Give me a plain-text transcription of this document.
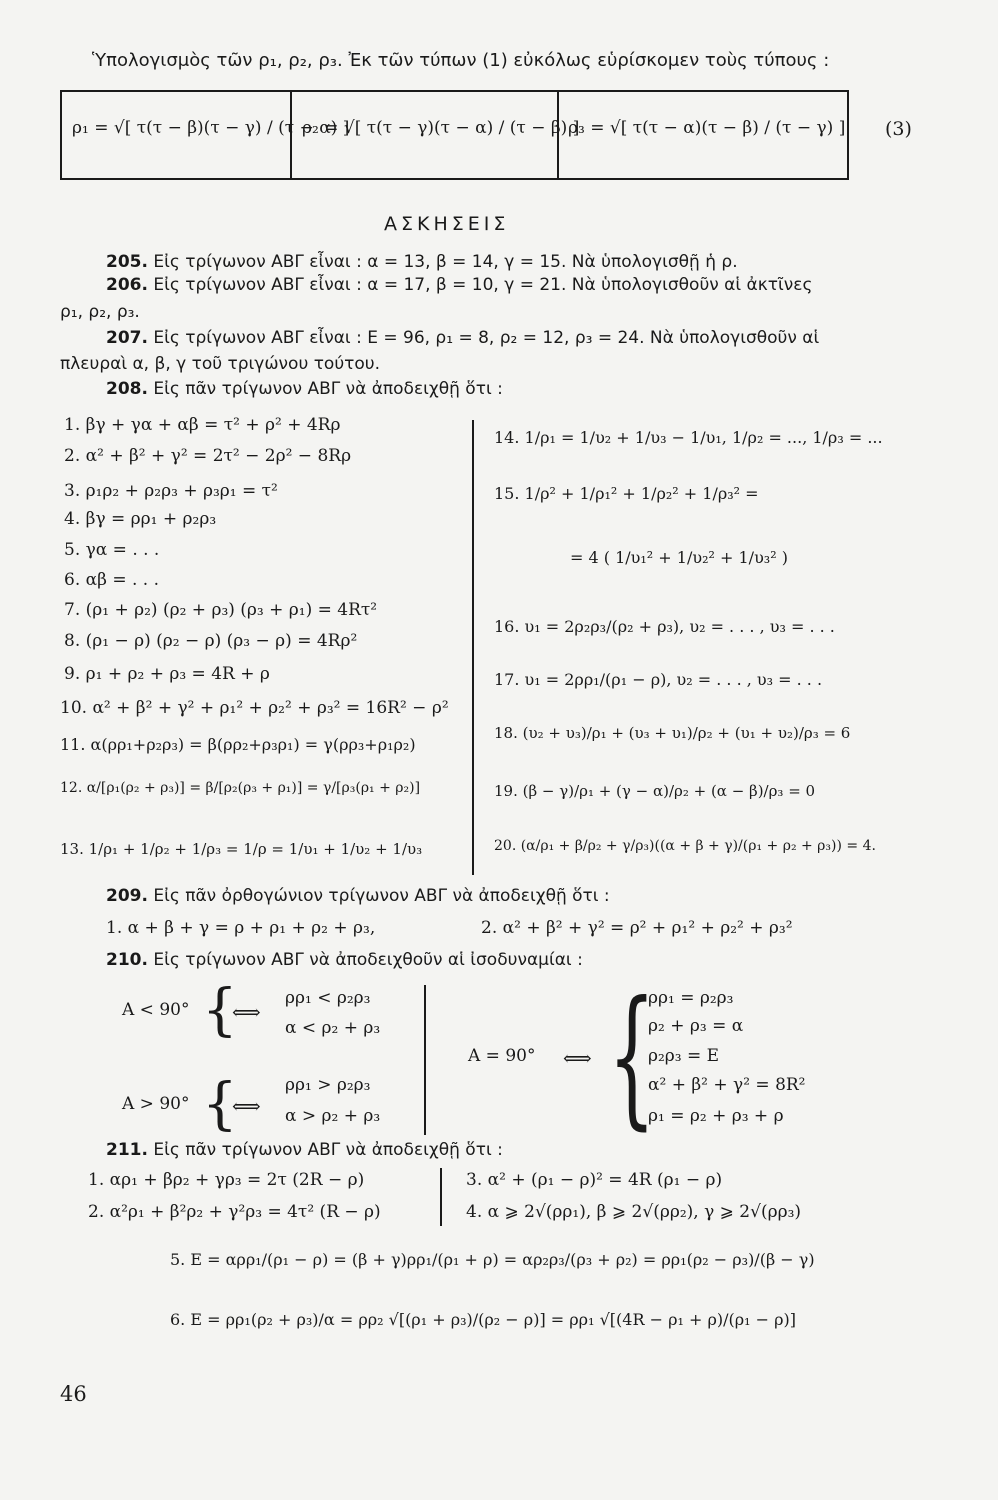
Ὑπολογισμὸς τῶν ρ₁, ρ₂, ρ₃. Ἐκ τῶν τύπων (1) εὐκόλως εὑρίσκομεν τοὺς τύπους :
ρ₁ = √[ τ(τ − β)(τ − γ) / (τ − α) ]
ρ₂ = √[ τ(τ − γ)(τ − α) / (τ − β) ]
ρ₃ = √[ τ(τ − α)(τ − β) / (τ − γ) ] (3)
ΑΣΚΗΣΕΙΣ
205. Εἰς τρίγωνον ΑΒΓ εἶναι : α = 13, β = 14, γ = 15. Νὰ ὑπολογισθῇ ἡ ρ.
206. Εἰς τρίγωνον ΑΒΓ εἶναι : α = 17, β = 10, γ = 21. Νὰ ὑπολογισθοῦν αἱ ἀκτῖνες
ρ₁, ρ₂, ρ₃.
207. Εἰς τρίγωνον ΑΒΓ εἶναι : Ε = 96, ρ₁ = 8, ρ₂ = 12, ρ₃ = 24. Νὰ ὑπολογισθοῦν αἱ
πλευραὶ α, β, γ τοῦ τριγώνου τούτου.
208. Εἰς πᾶν τρίγωνον ΑΒΓ νὰ ἀποδειχθῇ ὅτι :
1. βγ + γα + αβ = τ² + ρ² + 4Rρ
2. α² + β² + γ² = 2τ² − 2ρ² − 8Rρ
3. ρ₁ρ₂ + ρ₂ρ₃ + ρ₃ρ₁ = τ²
4. βγ = ρρ₁ + ρ₂ρ₃
5. γα = . . .
6. αβ = . . .
7. (ρ₁ + ρ₂) (ρ₂ + ρ₃) (ρ₃ + ρ₁) = 4Rτ²
8. (ρ₁ − ρ) (ρ₂ − ρ) (ρ₃ − ρ) = 4Rρ²
9. ρ₁ + ρ₂ + ρ₃ = 4R + ρ
10. α² + β² + γ² + ρ₁² + ρ₂² + ρ₃² = 16R² − ρ²
11. α(ρρ₁+ρ₂ρ₃) = β(ρρ₂+ρ₃ρ₁) = γ(ρρ₃+ρ₁ρ₂)
12. α/[ρ₁(ρ₂ + ρ₃)] = β/[ρ₂(ρ₃ + ρ₁)] = γ/[ρ₃(ρ₁ + ρ₂)]
13. 1/ρ₁ + 1/ρ₂ + 1/ρ₃ = 1/ρ = 1/υ₁ + 1/υ₂ + 1/υ₃
14. 1/ρ₁ = 1/υ₂ + 1/υ₃ − 1/υ₁, 1/ρ₂ = ..., 1/ρ₃ = ...
15. 1/ρ² + 1/ρ₁² + 1/ρ₂² + 1/ρ₃² =
= 4 ( 1/υ₁² + 1/υ₂² + 1/υ₃² )
16. υ₁ = 2ρ₂ρ₃/(ρ₂ + ρ₃), υ₂ = . . . , υ₃ = . . .
17. υ₁ = 2ρρ₁/(ρ₁ − ρ), υ₂ = . . . , υ₃ = . . .
18. (υ₂ + υ₃)/ρ₁ + (υ₃ + υ₁)/ρ₂ + (υ₁ + υ₂)/ρ₃ = 6
19. (β − γ)/ρ₁ + (γ − α)/ρ₂ + (α − β)/ρ₃ = 0
20. (α/ρ₁ + β/ρ₂ + γ/ρ₃)((α + β + γ)/(ρ₁ + ρ₂ + ρ₃)) = 4.
209. Εἰς πᾶν ὀρθογώνιον τρίγωνον ΑΒΓ νὰ ἀποδειχθῇ ὅτι :
1. α + β + γ = ρ + ρ₁ + ρ₂ + ρ₃,	2. α² + β² + γ² = ρ² + ρ₁² + ρ₂² + ρ₃²
210. Εἰς τρίγωνον ΑΒΓ νὰ ἀποδειχθοῦν αἱ ἰσοδυναμίαι :
Α < 90° {
⟺
ρρ₁ < ρ₂ρ₃
α < ρ₂ + ρ₃
Α > 90° {
⟺
ρρ₁ > ρ₂ρ₃
α > ρ₂ + ρ₃
Α = 90° ⟺ {
ρρ₁ = ρ₂ρ₃
ρ₂ + ρ₃ = α
ρ₂ρ₃ = Ε
α² + β² + γ² = 8R²
ρ₁ = ρ₂ + ρ₃ + ρ
211. Εἰς πᾶν τρίγωνον ΑΒΓ νὰ ἀποδειχθῇ ὅτι :
1. αρ₁ + βρ₂ + γρ₃ = 2τ (2R − ρ)
2. α²ρ₁ + β²ρ₂ + γ²ρ₃ = 4τ² (R − ρ)
3. α² + (ρ₁ − ρ)² = 4R (ρ₁ − ρ)
4. α ⩾ 2√(ρρ₁), β ⩾ 2√(ρρ₂), γ ⩾ 2√(ρρ₃)
5. Ε = αρρ₁/(ρ₁ − ρ) = (β + γ)ρρ₁/(ρ₁ + ρ) = αρ₂ρ₃/(ρ₃ + ρ₂) = ρρ₁(ρ₂ − ρ₃)/(β − γ)
6. Ε = ρρ₁(ρ₂ + ρ₃)/α = ρρ₂ √[(ρ₁ + ρ₃)/(ρ₂ − ρ)] = ρρ₁ √[(4R − ρ₁ + ρ)/(ρ₁ − ρ)]
46
